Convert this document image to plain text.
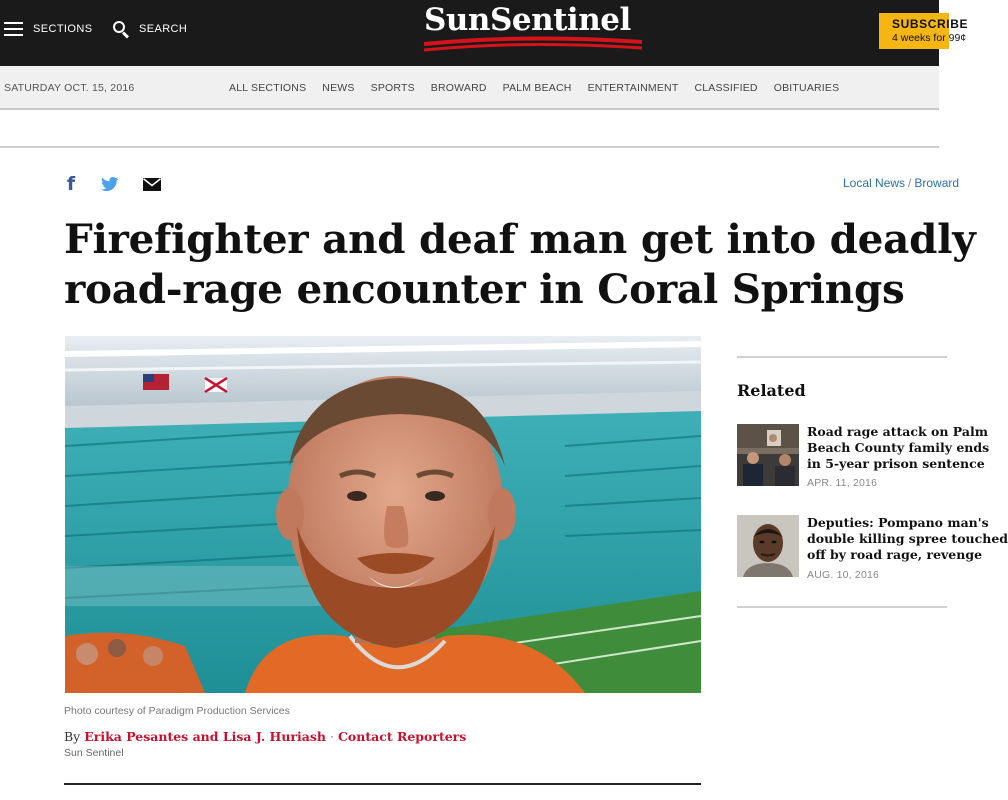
SECTIONS	SEARCH	SunSentinel	SUBSCRIBE
4 weeks for 99¢
SATURDAY OCT. 15, 2016	ALL SECTIONS NEWS SPORTS BROWARD PALM BEACH ENTERTAINMENT CLASSIFIED OBITUARIES
f	Local News / Broward
Firefighter and deaf man get into deadly
road-rage encounter in Coral Springs
Photo courtesy of Paradigm Production Services
By Erika Pesantes and Lisa J. Huriash · Contact Reporters
Sun Sentinel
Related
Road rage attack on Palm
Beach County family ends
in 5-year prison sentence
APR. 11, 2016
Deputies: Pompano man's
double killing spree touched
off by road rage, revenge
AUG. 10, 2016
